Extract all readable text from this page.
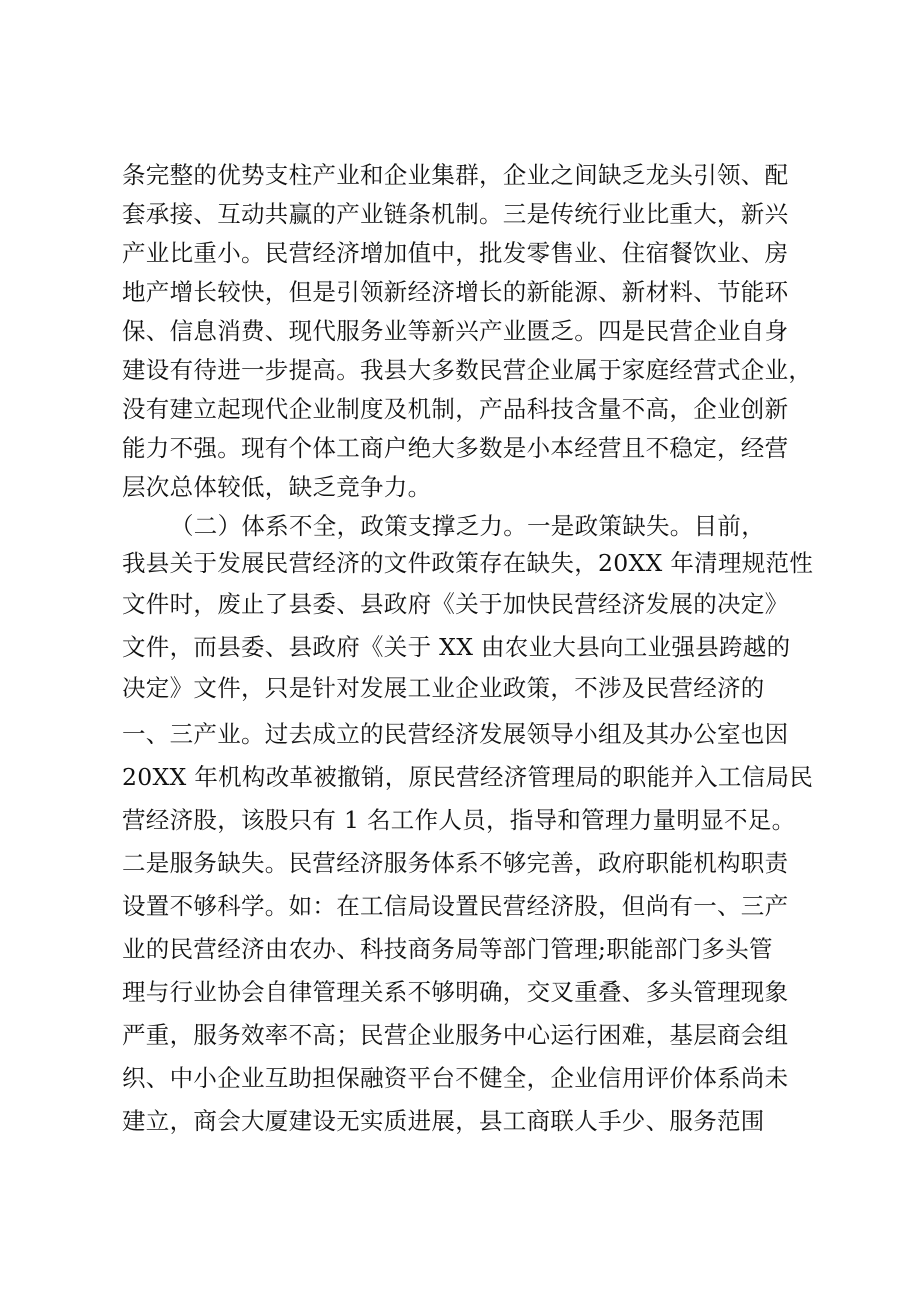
条完整的优势支柱产业和企业集群，企业之间缺乏龙头引领、配
套承接、互动共赢的产业链条机制。三是传统行业比重大，新兴
产业比重小。民营经济增加值中，批发零售业、住宿餐饮业、房
地产增长较快，但是引领新经济增长的新能源、新材料、节能环
保、信息消费、现代服务业等新兴产业匮乏。四是民营企业自身
建设有待进一步提高。我县大多数民营企业属于家庭经营式企业，
没有建立起现代企业制度及机制，产品科技含量不高，企业创新
能力不强。现有个体工商户绝大多数是小本经营且不稳定，经营
层次总体较低，缺乏竞争力。
（二）体系不全，政策支撑乏力。一是政策缺失。目前，
我县关于发展民营经济的文件政策存在缺失，20XX 年清理规范性
文件时，废止了县委、县政府《关于加快民营经济发展的决定》
文件，而县委、县政府《关于 XX 由农业大县向工业强县跨越的
决定》文件，只是针对发展工业企业政策，不涉及民营经济的
一、三产业。过去成立的民营经济发展领导小组及其办公室也因
20XX 年机构改革被撤销，原民营经济管理局的职能并入工信局民
营经济股，该股只有 1 名工作人员，指导和管理力量明显不足。
二是服务缺失。民营经济服务体系不够完善，政府职能机构职责
设置不够科学。如：在工信局设置民营经济股，但尚有一、三产
业的民营经济由农办、科技商务局等部门管理;职能部门多头管
理与行业协会自律管理关系不够明确，交叉重叠、多头管理现象
严重，服务效率不高；民营企业服务中心运行困难，基层商会组
织、中小企业互助担保融资平台不健全，企业信用评价体系尚未
建立，商会大厦建设无实质进展，县工商联人手少、服务范围
